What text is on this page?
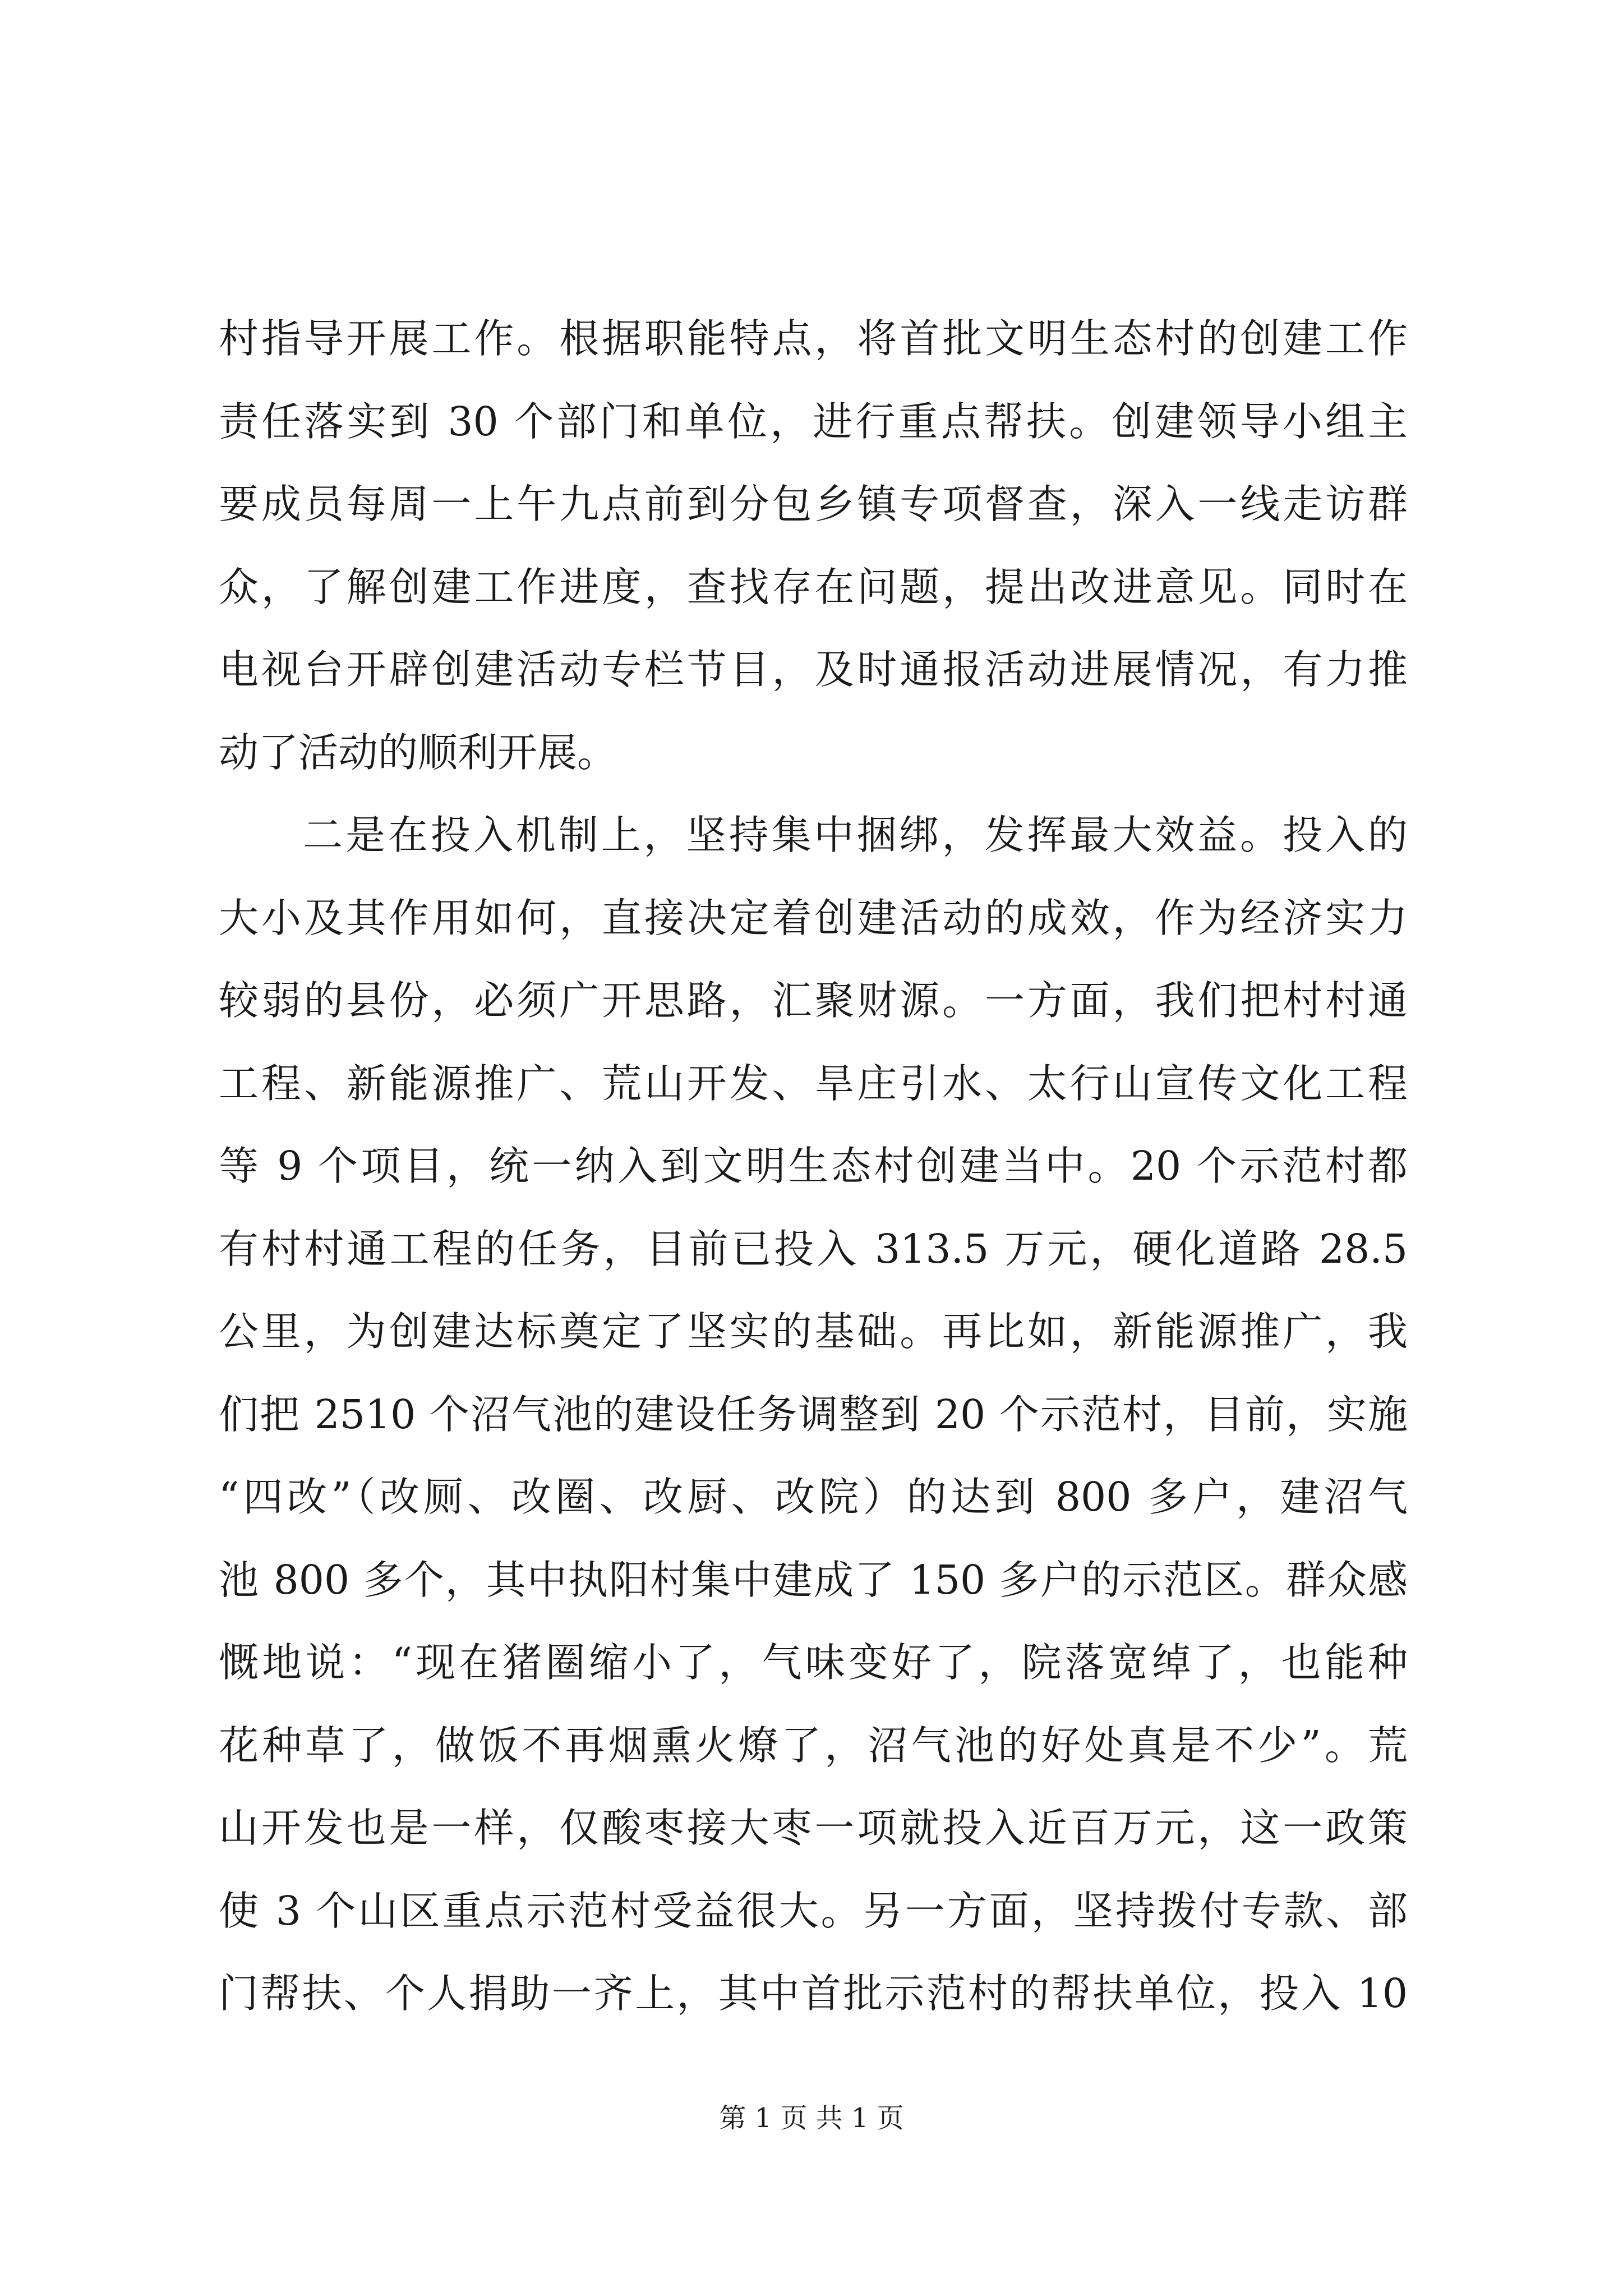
村指导开展工作。根据职能特点，将首批文明生态村的创建工作
责任落实到 30 个部门和单位，进行重点帮扶。创建领导小组主
要成员每周一上午九点前到分包乡镇专项督查，深入一线走访群
众，了解创建工作进度，查找存在问题，提出改进意见。同时在
电视台开辟创建活动专栏节目，及时通报活动进展情况，有力推
动了活动的顺利开展。
二是在投入机制上，坚持集中捆绑，发挥最大效益。投入的
大小及其作用如何，直接决定着创建活动的成效，作为经济实力
较弱的县份，必须广开思路，汇聚财源。一方面，我们把村村通
工程、新能源推广、荒山开发、旱庄引水、太行山宣传文化工程
等 9 个项目，统一纳入到文明生态村创建当中。20 个示范村都
有村村通工程的任务，目前已投入 313.5 万元，硬化道路 28.5
公里，为创建达标奠定了坚实的基础。再比如，新能源推广，我
们把 2510 个沼气池的建设任务调整到 20 个示范村，目前，实施
“四改”（改厕、改圈、改厨、改院）的达到 800 多户，建沼气
池 800 多个，其中执阳村集中建成了 150 多户的示范区。群众感
慨地说：“现在猪圈缩小了，气味变好了，院落宽绰了，也能种
花种草了，做饭不再烟熏火燎了，沼气池的好处真是不少”。荒
山开发也是一样，仅酸枣接大枣一项就投入近百万元，这一政策
使 3 个山区重点示范村受益很大。另一方面，坚持拨付专款、部
门帮扶、个人捐助一齐上，其中首批示范村的帮扶单位，投入 10
第 1 页 共 1 页
